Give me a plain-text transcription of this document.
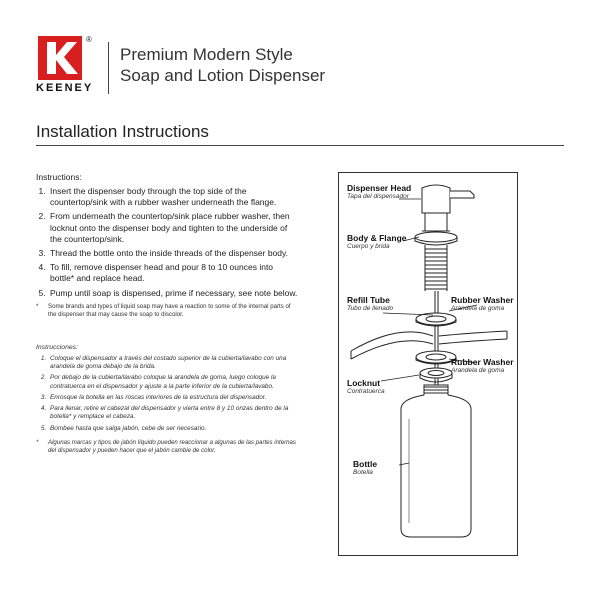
®
KEENEY
Premium Modern Style
Soap and Lotion Dispenser
Installation Instructions
Instructions:
1. Insert the dispenser body through the top side of the countertop/sink with a rubber washer underneath the flange.
2. From underneath the countertop/sink place rubber washer, then locknut onto the dispenser body and tighten to the underside of the countertop/sink.
3. Thread the bottle onto the inside threads of the dispenser body.
4. To fill, remove dispenser head and pour 8 to 10 ounces into bottle* and replace head.
5. Pump until soap is dispensed, prime if necessary, see note below.
*	Some brands and types of liquid soap may have a reaction to some of the internal parts of the dispenser that may cause the soap to discolor.
Instrucciones:
1. Coloque el dispensador a través del costado superior de la cubierta/lavabo con una arandela de goma debajo de la brida.
2. Por debajo de la cubierta/lavabo coloque la arandela de goma, luego coloque la contratuerca en el dispensador y ajuste a la parte inferior de la cubierta/lavabo.
3. Enrosque la botella en las roscas interiores de la estructura del dispensador.
4. Para llenar, retire el cabezal del dispensador y vierta entre 8 y 10 onzas dentro de la botella* y remplace el cabeza.
5. Bombee hasta que salga jabón, cebe de ser necesario.
*	Algunas marcas y tipos de jabón líquido pueden reaccionar a algunas de las partes internas del dispensador y pueden hacer que el jabón cambie de color.
Dispenser Head
Tapa del dispensador
Body & Flange
Cuerpo y brida
Refill Tube
Tubo de llenado
Rubber Washer
Arandela de goma
Rubber Washer
Arandela de goma
Locknut
Contratuerca
Bottle
Botella
